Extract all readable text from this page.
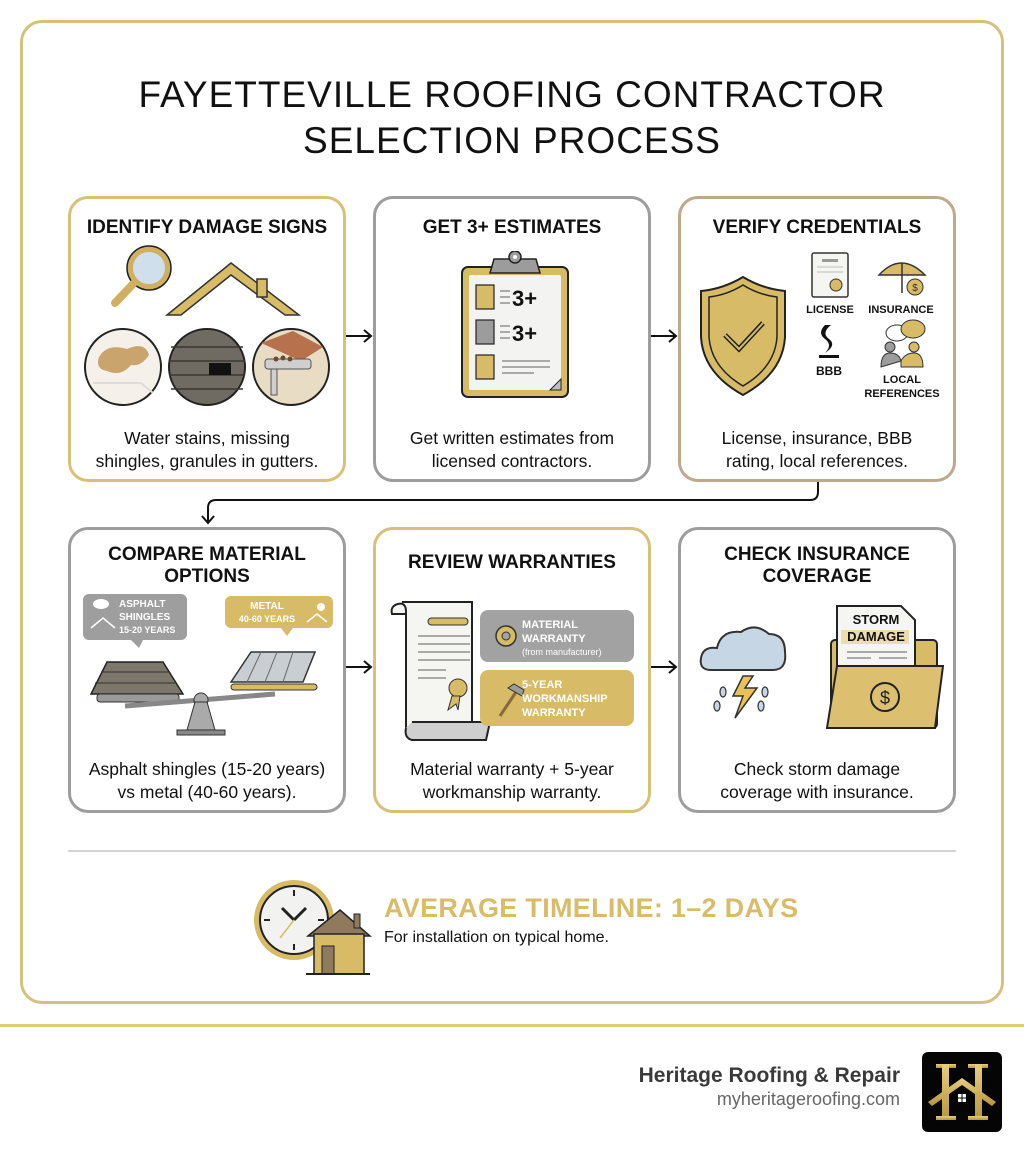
FAYETTEVILLE ROOFING CONTRACTOR
SELECTION PROCESS
IDENTIFY DAMAGE SIGNS
Water stains, missing
shingles, granules in gutters.
GET 3+ ESTIMATES
3+
3+
Get written estimates from
licensed contractors.
VERIFY CREDENTIALS
LICENSE
$
INSURANCE
BBB
LOCAL
REFERENCES
License, insurance, BBB
rating, local references.
COMPARE MATERIAL
OPTIONS
ASPHALT
SHINGLES
15-20 YEARS
METAL
40-60 YEARS
Asphalt shingles (15-20 years)
vs metal (40-60 years).
REVIEW WARRANTIES
MATERIAL
WARRANTY
(from manufacturer)
5-YEAR
WORKMANSHIP
WARRANTY
Material warranty + 5-year
workmanship warranty.
CHECK INSURANCE
COVERAGE
STORM
DAMAGE
$
Check storm damage
coverage with insurance.
AVERAGE TIMELINE: 1–2 DAYS
For installation on typical home.
Heritage Roofing & Repair
myheritageroofing.com
